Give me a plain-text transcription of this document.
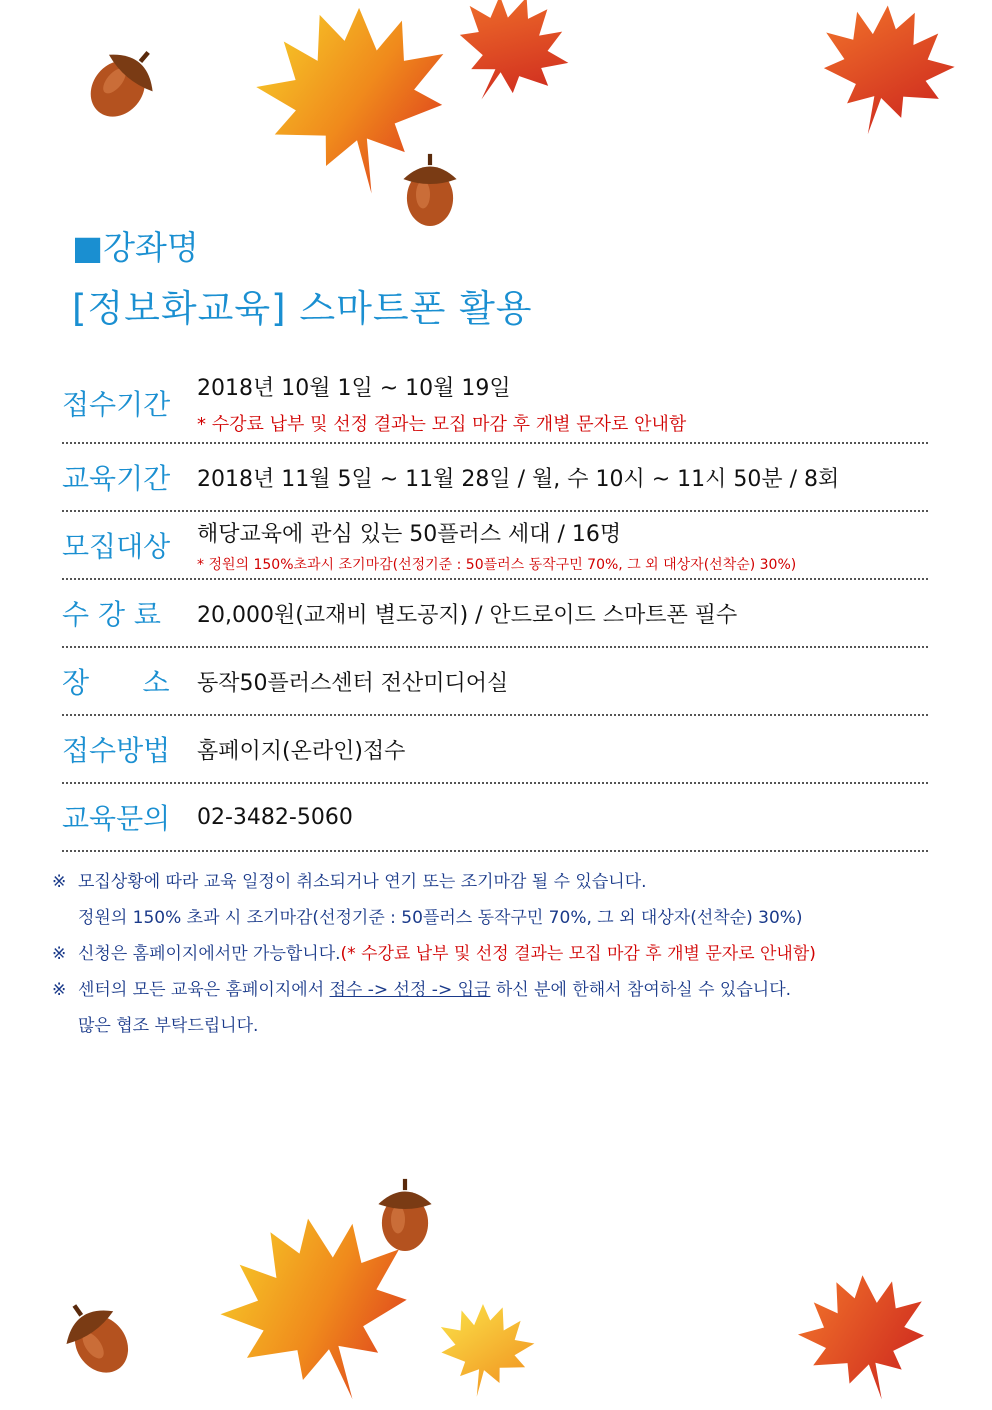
■강좌명
[정보화교육] 스마트폰 활용
접수기간	2018년 10월 1일 ~ 10월 19일
* 수강료 납부 및 선정 결과는 모집 마감 후 개별 문자로 안내함
교육기간	2018년 11월 5일 ~ 11월 28일 / 월, 수 10시 ~ 11시 50분 / 8회
모집대상	해당교육에 관심 있는 50플러스 세대 / 16명
* 정원의 150%초과시 조기마감(선정기준 : 50플러스 동작구민 70%, 그 외 대상자(선착순) 30%)
수 강 료	20,000원(교재비 별도공지) / 안드로이드 스마트폰 필수
장      소	동작50플러스센터 전산미디어실
접수방법	홈페이지(온라인)접수
교육문의	02-3482-5060
※ 모집상황에 따라 교육 일정이 취소되거나 연기 또는 조기마감 될 수 있습니다.
정원의 150% 초과 시 조기마감(선정기준 : 50플러스 동작구민 70%, 그 외 대상자(선착순) 30%)
※ 신청은 홈페이지에서만 가능합니다.(* 수강료 납부 및 선정 결과는 모집 마감 후 개별 문자로 안내함)
※ 센터의 모든 교육은 홈페이지에서 접수 -> 선정 -> 입금 하신 분에 한해서 참여하실 수 있습니다.
많은 협조 부탁드립니다.
